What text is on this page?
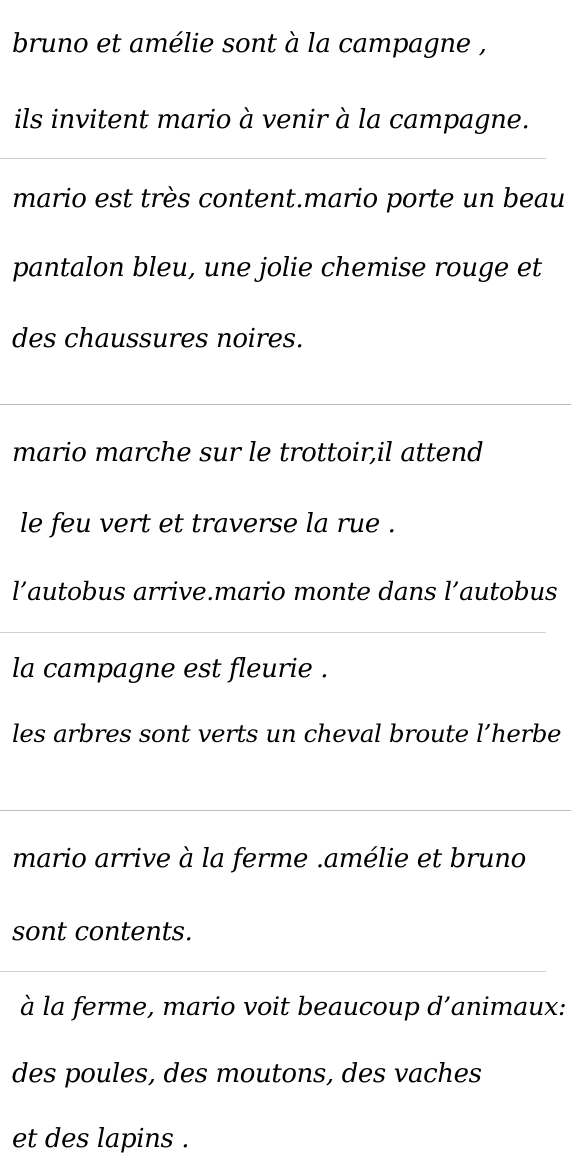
bruno et amélie sont à la campagne ,
ils invitent mario à venir à la campagne.
mario est très content.mario porte un beau
pantalon bleu, une jolie chemise rouge et
des chaussures noires.
mario marche sur le trottoir,il attend
le feu vert et traverse la rue .
l’autobus arrive.mario monte dans l’autobus
la campagne est fleurie .
les arbres sont verts un cheval broute l’herbe
mario arrive à la ferme .amélie et bruno
sont contents.
à la ferme, mario voit beaucoup d’animaux:
des poules, des moutons, des vaches
et des lapins .
